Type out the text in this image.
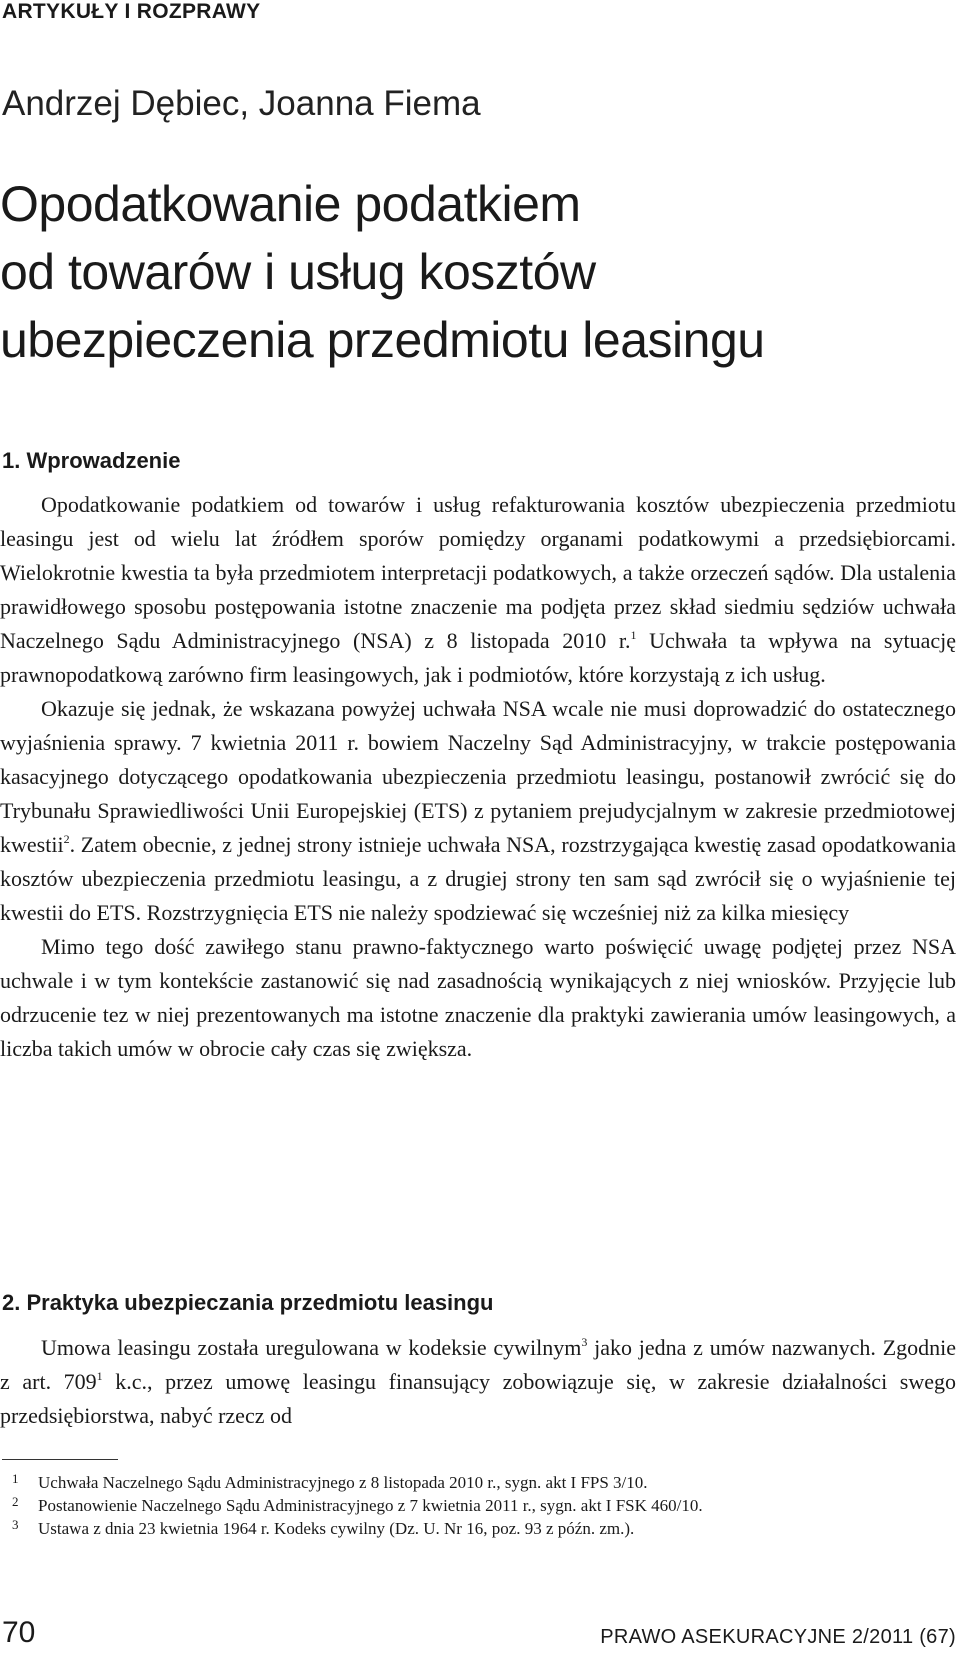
ARTYKUŁY I ROZPRAWY
Andrzej Dębiec, Joanna Fiema
Opodatkowanie podatkiem
od towarów i usług kosztów
ubezpieczenia przedmiotu leasingu
1. Wprowadzenie

Opodatkowanie podatkiem od towarów i usług refakturowania kosztów ubezpieczenia przedmiotu leasingu jest od wielu lat źródłem sporów pomiędzy organami podatkowymi a przedsiębiorcami. Wielokrotnie kwestia ta była przedmiotem interpretacji podatkowych, a także orzeczeń sądów. Dla ustalenia prawidłowego sposobu postępowania istotne znaczenie ma podjęta przez skład siedmiu sędziów uchwała Naczelnego Sądu Administracyjnego (NSA) z 8 listopada 2010 r.$^1$ Uchwała ta wpływa na sytuację prawnopodatkową zarówno firm leasingowych, jak i podmiotów, które korzystają z ich usług.

Okazuje się jednak, że wskazana powyżej uchwała NSA wcale nie musi doprowadzić do ostatecznego wyjaśnienia sprawy. 7 kwietnia 2011 r. bowiem Naczelny Sąd Administracyjny, w trakcie postępowania kasacyjnego dotyczącego opodatkowania ubezpieczenia przedmiotu leasingu, postanowił zwrócić się do Trybunału Sprawiedliwości Unii Europejskiej (ETS) z pytaniem prejudycjalnym w zakresie przedmiotowej kwestii$^2$. Zatem obecnie, z jednej strony istnieje uchwała NSA, rozstrzygająca kwestię zasad opodatkowania kosztów ubezpieczenia przedmiotu leasingu, a z drugiej strony ten sam sąd zwrócił się o wyjaśnienie tej kwestii do ETS. Rozstrzygnięcia ETS nie należy spodziewać się wcześniej niż za kilka miesięcy

Mimo tego dość zawiłego stanu prawno-faktycznego warto poświęcić uwagę podjętej przez NSA uchwale i w tym kontekście zastanowić się nad zasadnością wynikających z niej wniosków. Przyjęcie lub odrzucenie tez w niej prezentowanych ma istotne znaczenie dla praktyki zawierania umów leasingowych, a liczba takich umów w obrocie cały czas się zwiększa.

2. Praktyka ubezpieczania przedmiotu leasingu

Umowa leasingu została uregulowana w kodeksie cywilnym$^3$ jako jedna z umów nazwanych. Zgodnie z art. $709^1$ k.c., przez umowę leasingu finansujący zobowiązuje się, w zakresie działalności swego przedsiębiorstwa, nabyć rzecz od

1 Uchwała Naczelnego Sądu Administracyjnego z 8 listopada 2010 r., sygn. akt I FPS 3/10.
2 Postanowienie Naczelnego Sądu Administracyjnego z 7 kwietnia 2011 r., sygn. akt I FSK 460/10.
3 Ustawa z dnia 23 kwietnia 1964 r. Kodeks cywilny (Dz. U. Nr 16, poz. 93 z późn. zm.).
70	PRAWO ASEKURACYJNE 2/2011 (67)
